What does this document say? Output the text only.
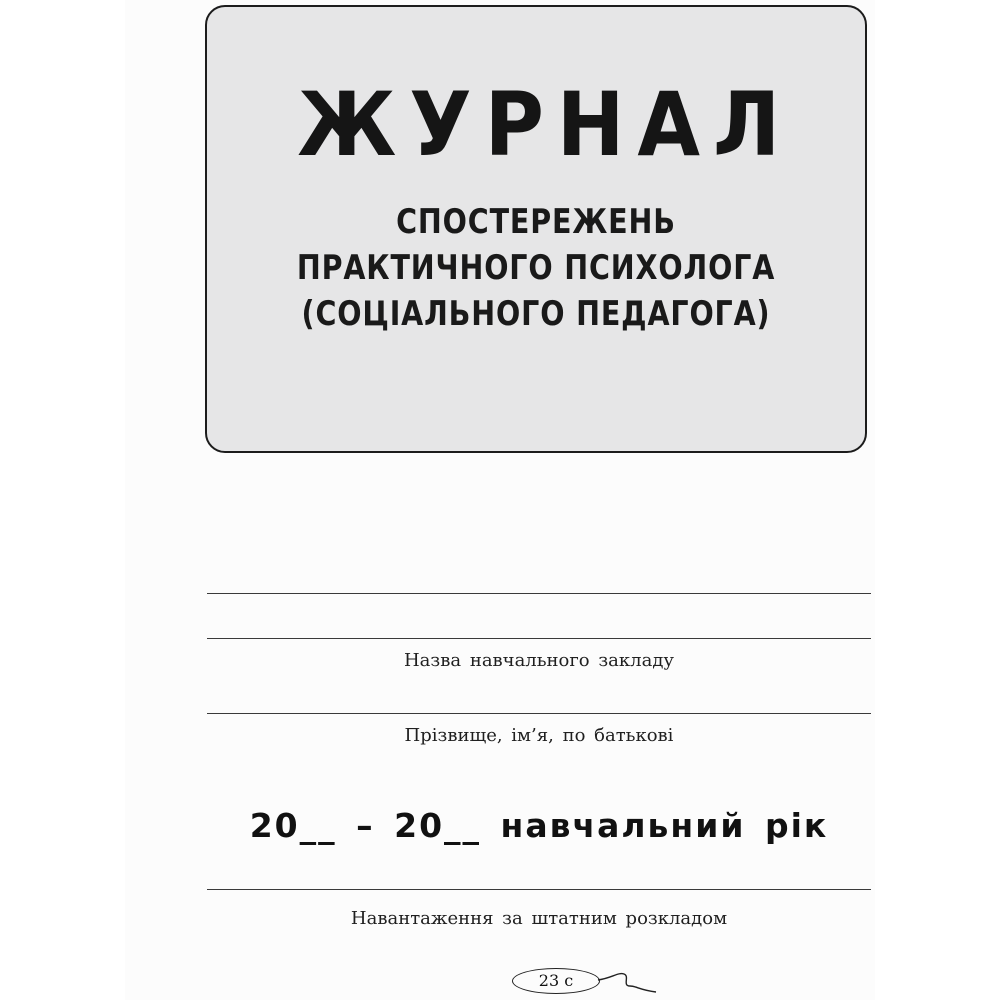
ЖУРНАЛ
СПОСТЕРЕЖЕНЬ
ПРАКТИЧНОГО ПСИХОЛОГА
(СОЦІАЛЬНОГО ПЕДАГОГА)
Назва навчального закладу
Прізвище, ім’я, по батькові
20__ – 20__ навчальний рік
Навантаження за штатним розкладом
23 с
